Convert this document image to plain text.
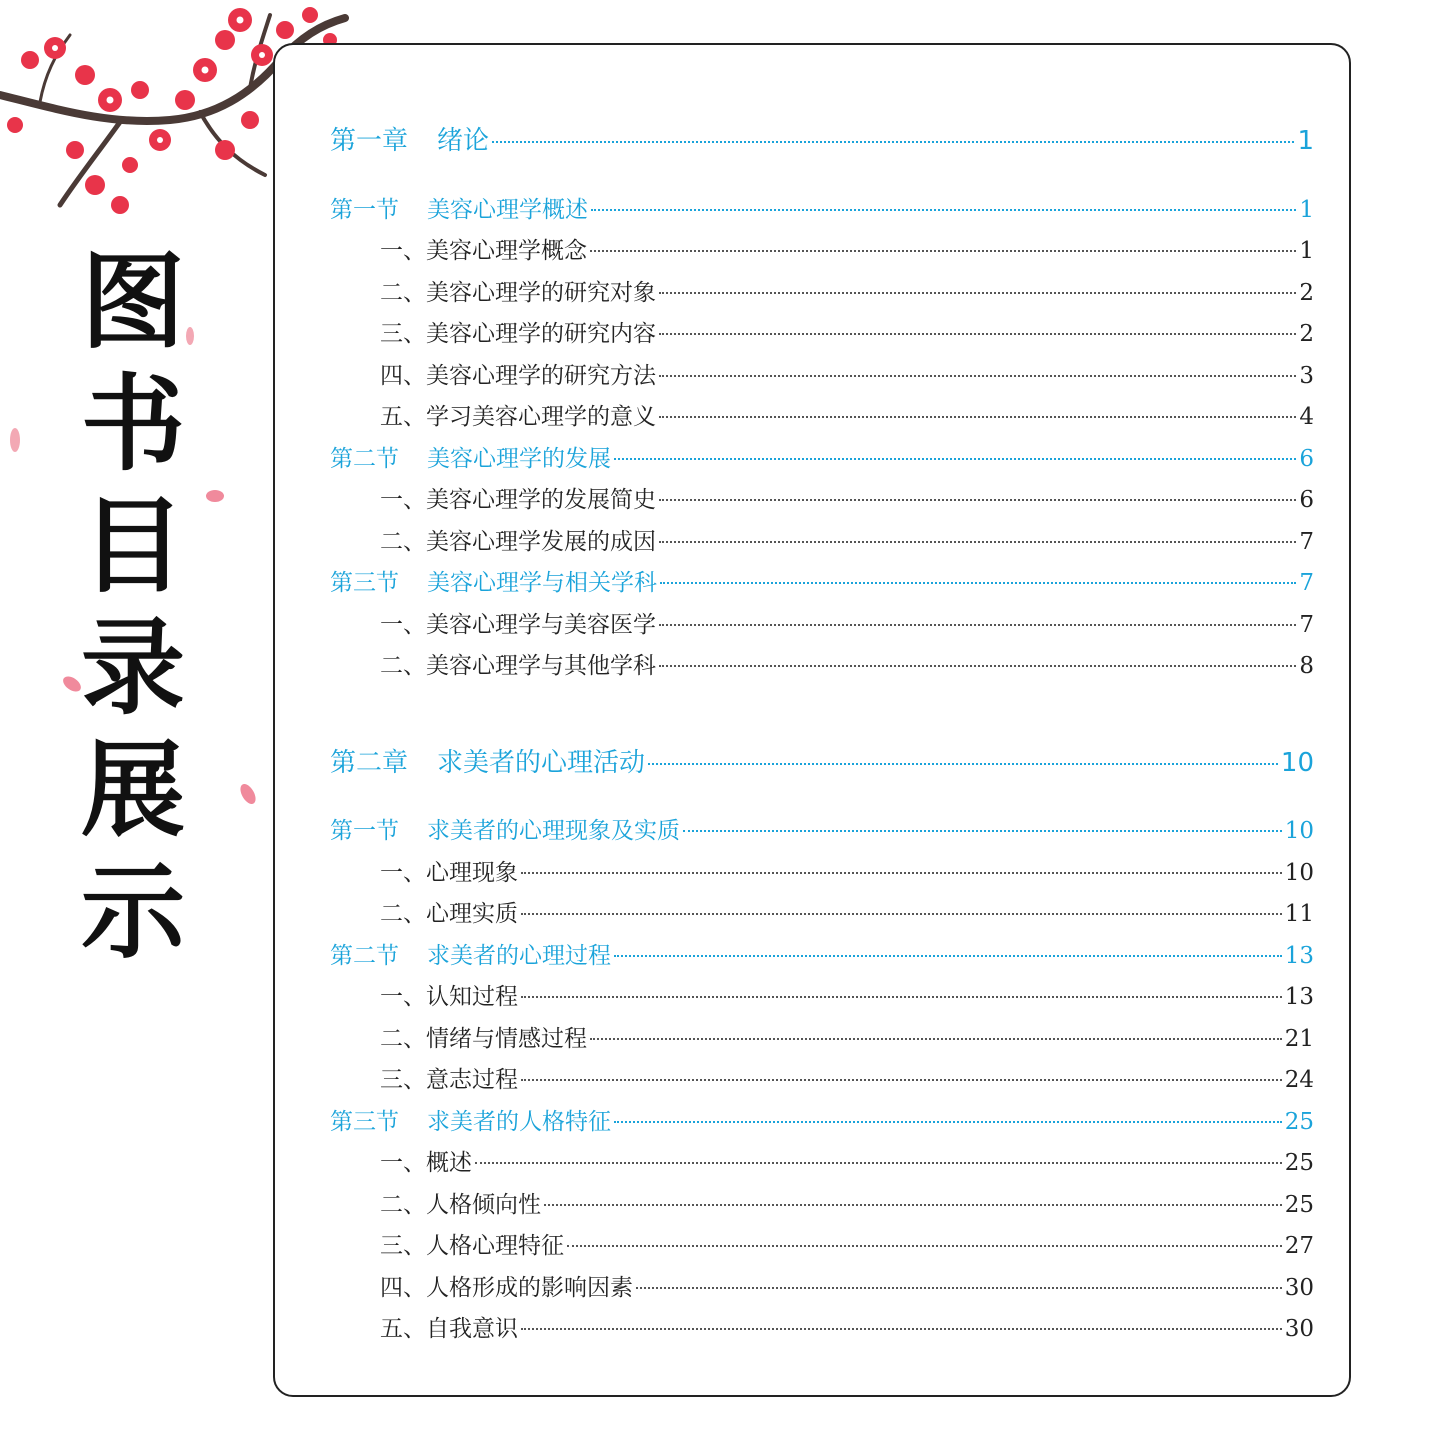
图
书
目
录
展
示
第一章	绪论	1
第一节	美容心理学概述	1
一、美容心理学概念	1
二、美容心理学的研究对象	2
三、美容心理学的研究内容	2
四、美容心理学的研究方法	3
五、学习美容心理学的意义	4
第二节	美容心理学的发展	6
一、美容心理学的发展简史	6
二、美容心理学发展的成因	7
第三节	美容心理学与相关学科	7
一、美容心理学与美容医学	7
二、美容心理学与其他学科	8
第二章	求美者的心理活动	10
第一节	求美者的心理现象及实质	10
一、心理现象	10
二、心理实质	11
第二节	求美者的心理过程	13
一、认知过程	13
二、情绪与情感过程	21
三、意志过程	24
第三节	求美者的人格特征	25
一、概述	25
二、人格倾向性	25
三、人格心理特征	27
四、人格形成的影响因素	30
五、自我意识	30
